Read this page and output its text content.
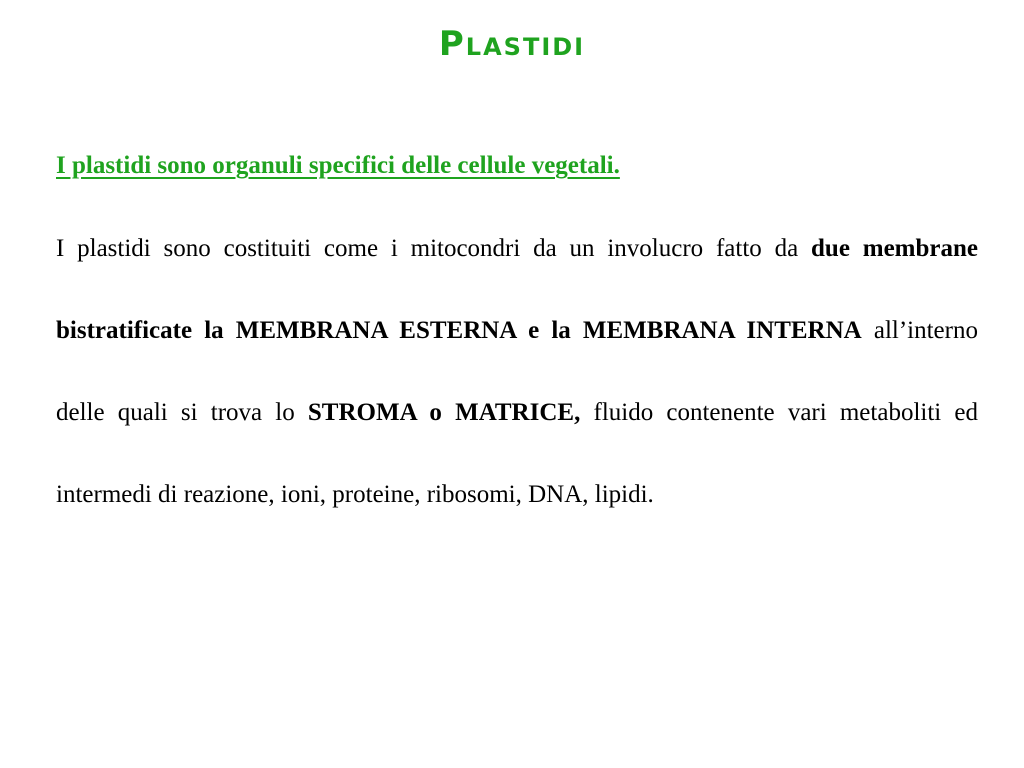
Plastidi
I plastidi sono organuli specifici delle cellule vegetali.
I plastidi sono costituiti come i mitocondri da un involucro fatto da due membrane bistratificate la MEMBRANA ESTERNA e la MEMBRANA INTERNA all’interno delle quali si trova lo STROMA o MATRICE, fluido contenente vari metaboliti ed intermedi di reazione, ioni, proteine, ribosomi, DNA, lipidi.
